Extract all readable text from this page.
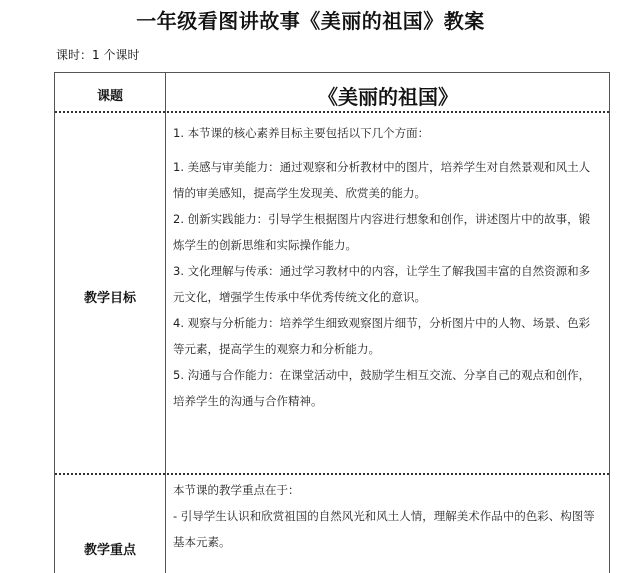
一年级看图讲故事《美丽的祖国》教案
课时：1 个课时
课题	《美丽的祖国》
教学目标

1. 本节课的核心素养目标主要包括以下几个方面：

1. 美感与审美能力：通过观察和分析教材中的图片，培养学生对自然景观和风土人情的审美感知，提高学生发现美、欣赏美的能力。

2. 创新实践能力：引导学生根据图片内容进行想象和创作，讲述图片中的故事，锻炼学生的创新思维和实际操作能力。

3. 文化理解与传承：通过学习教材中的内容，让学生了解我国丰富的自然资源和多元文化，增强学生传承中华优秀传统文化的意识。

4. 观察与分析能力：培养学生细致观察图片细节，分析图片中的人物、场景、色彩等元素，提高学生的观察力和分析能力。

5. 沟通与合作能力：在课堂活动中，鼓励学生相互交流、分享自己的观点和创作，培养学生的沟通与合作精神。

教学重点

本节课的教学重点在于：

- 引导学生认识和欣赏祖国的自然风光和风土人情，理解美术作品中的色彩、构图等基本元素。
